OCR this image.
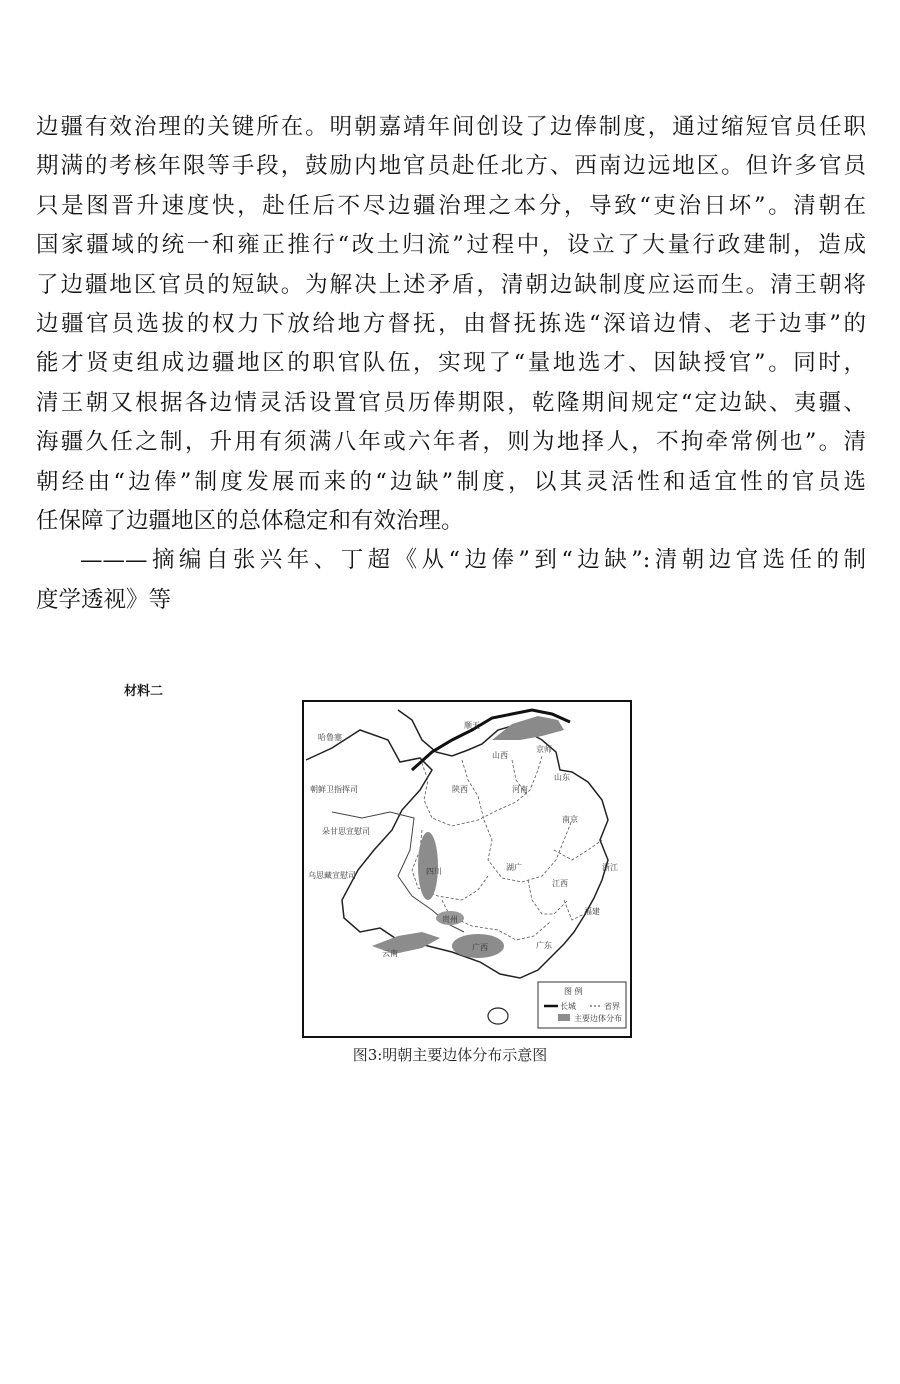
边疆有效治理的关键所在。明朝嘉靖年间创设了边俸制度，通过缩短官员任职
期满的考核年限等手段，鼓励内地官员赴任北方、西南边远地区。但许多官员
只是图晋升速度快，赴任后不尽边疆治理之本分，导致“吏治日坏”。清朝在
国家疆域的统一和雍正推行“改土归流”过程中，设立了大量行政建制，造成
了边疆地区官员的短缺。为解决上述矛盾，清朝边缺制度应运而生。清王朝将
边疆官员选拔的权力下放给地方督抚，由督抚拣选“深谙边情、老于边事”的
能才贤吏组成边疆地区的职官队伍，实现了“量地选才、因缺授官”。同时，
清王朝又根据各边情灵活设置官员历俸期限，乾隆期间规定“定边缺、夷疆、
海疆久任之制，升用有须满八年或六年者，则为地择人，不拘牵常例也”。清
朝经由“边俸”制度发展而来的“边缺”制度，以其灵活性和适宜性的官员选
任保障了边疆地区的总体稳定和有效治理。
———摘编自张兴年、丁超《从“边俸”到“边缺”:清朝边官选任的制
度学透视》等
材料二
哈鲁塞
朝鲜卫指挥司
朵甘思宣慰司
乌思藏宣慰司
顺天
山西
京师
山东
陕西	河南
南京
四川	湖广	浙江
江西
福建
贵州
云南
广西	广东
图 例
长城	省界
主要边体分布
图3:明朝主要边体分布示意图
